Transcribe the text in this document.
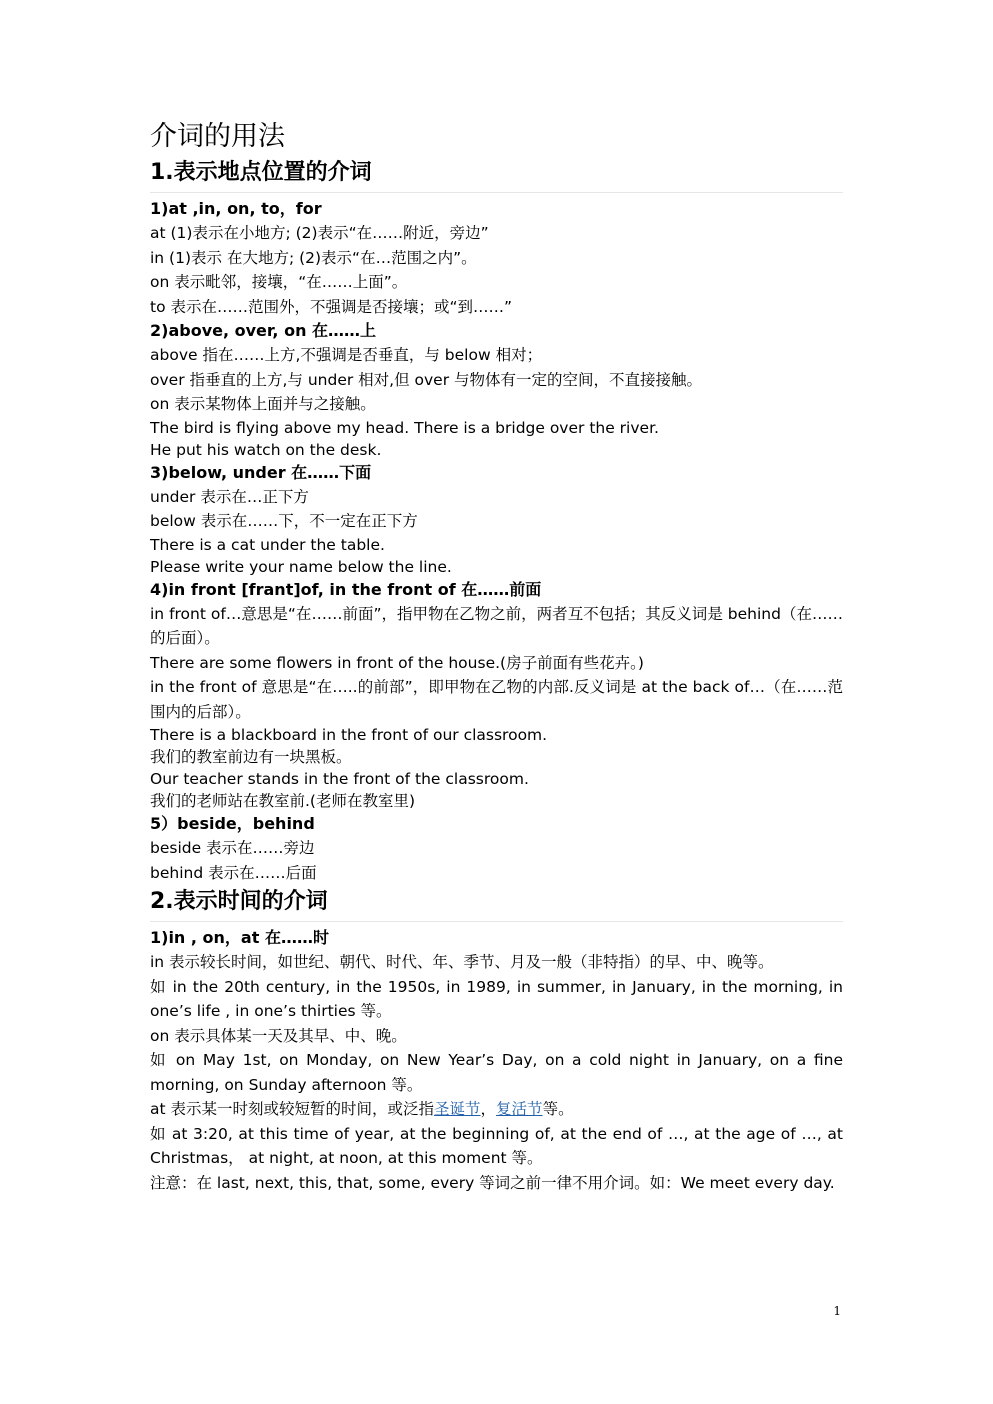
介词的用法
1.表示地点位置的介词
1)at ,in, on, to，for
at (1)表示在小地方; (2)表示“在……附近，旁边”
in (1)表示 在大地方; (2)表示“在…范围之内”。
on 表示毗邻，接壤，“在……上面”。
to 表示在……范围外，不强调是否接壤；或“到……”
2)above, over, on 在……上
above 指在……上方,不强调是否垂直，与 below 相对；
over 指垂直的上方,与 under 相对,但 over 与物体有一定的空间，不直接接触。
on 表示某物体上面并与之接触。
The bird is flying above my head. There is a bridge over the river.
He put his watch on the desk.
3)below, under 在……下面
under 表示在…正下方
below 表示在……下，不一定在正下方
There is a cat under the table.
Please write your name below the line.
4)in front [frant]of, in the front of 在……前面
in front of…意思是“在……前面”，指甲物在乙物之前，两者互不包括；其反义词是 behind（在……的后面）。
There are some flowers in front of the house.(房子前面有些花卉。)
in the front of 意思是“在…..的前部”，即甲物在乙物的内部.反义词是 at the back of…（在……范围内的后部）。
There is a blackboard in the front of our classroom.
我们的教室前边有一块黑板。
Our teacher stands in the front of the classroom.
我们的老师站在教室前.(老师在教室里)
5）beside，behind
beside 表示在……旁边
behind 表示在……后面
2.表示时间的介词
1)in , on，at 在……时
in 表示较长时间，如世纪、朝代、时代、年、季节、月及一般（非特指）的早、中、晚等。
如 in the 20th century, in the 1950s, in 1989, in summer, in January, in the morning, in one’s life , in one’s thirties 等。
on 表示具体某一天及其早、中、晚。
如 on May 1st, on Monday, on New Year’s Day, on a cold night in January, on a fine morning, on Sunday afternoon 等。
at 表示某一时刻或较短暂的时间，或泛指圣诞节，复活节等。
如 at 3:20, at this time of year, at the beginning of, at the end of …, at the age of …, at Christmas， at night, at noon, at this moment 等。
注意：在 last, next, this, that, some, every 等词之前一律不用介词。如：We meet every day.
1
